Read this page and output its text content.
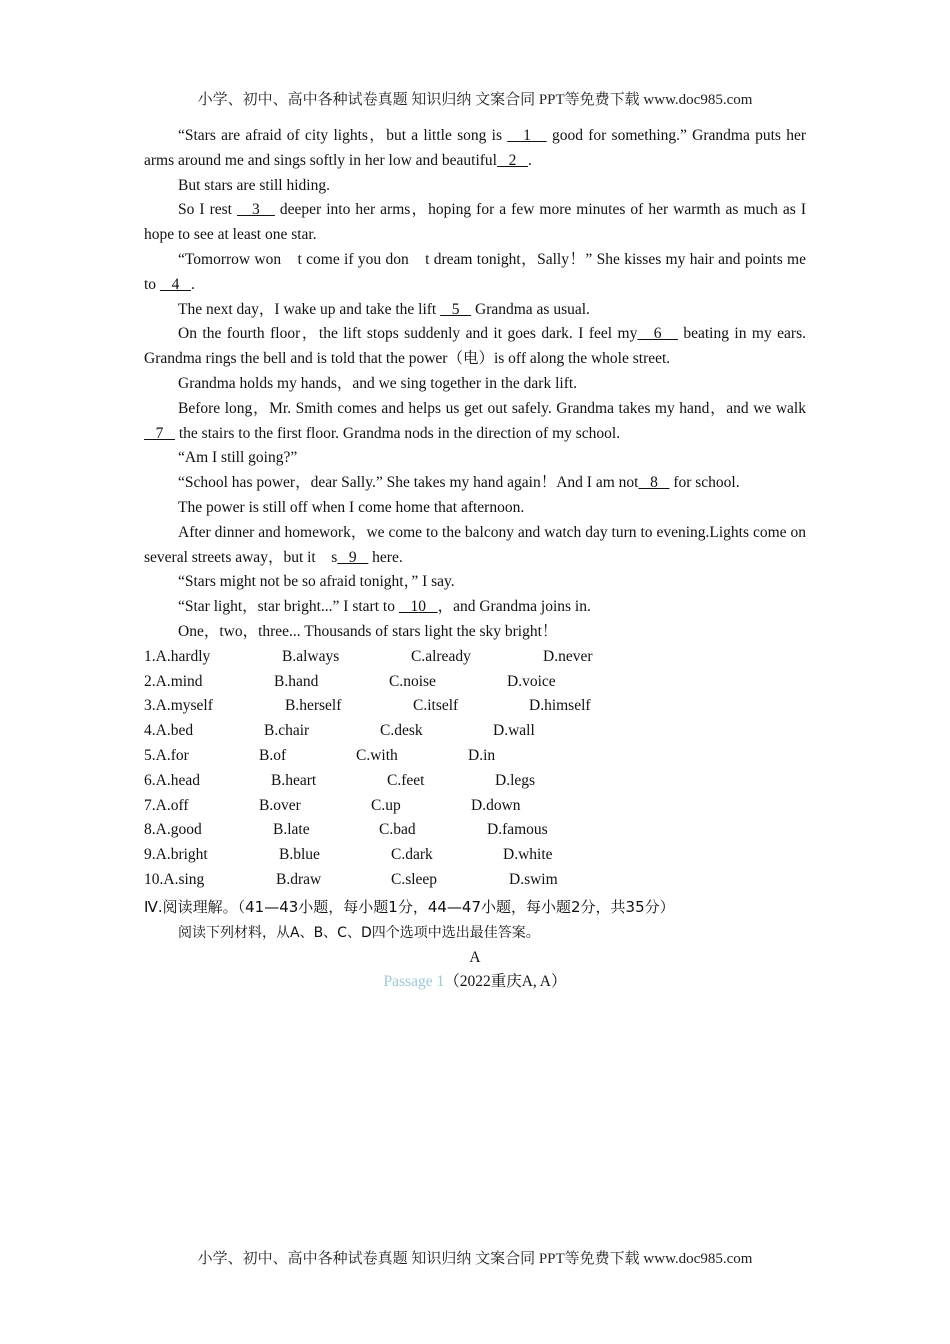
小学、初中、高中各种试卷真题 知识归纳 文案合同 PPT等免费下载 www.doc985.com

“Stars are afraid of city lights，but a little song is    1    good for something.” Grandma puts her arms around me and sings softly in her low and beautiful   2   .

But stars are still hiding.

So I rest    3    deeper into her arms，hoping for a few more minutes of her warmth as much as I hope to see at least one star.

“Tomorrow won　t come if you don　t dream tonight，Sally！” She kisses my hair and points me to    4   .

The next day，I wake up and take the lift    5    Grandma as usual.

On the fourth floor，the lift stops suddenly and it goes dark. I feel my   6    beating in my ears. Grandma rings the bell and is told that the power（电）is off along the whole street.

Grandma holds my hands，and we sing together in the dark lift.

Before long，Mr. Smith comes and helps us get out safely. Grandma takes my hand，and we walk    7    the stairs to the first floor. Grandma nods in the direction of my school.

“Am I still going?”

“School has power，dear Sally.” She takes my hand again！And I am not   8    for school.

The power is still off when I come home that afternoon.

After dinner and homework，we come to the balcony and watch day turn to evening.Lights come on several streets away，but it　s   9    here.

“Stars might not be so afraid tonight，” I say.

“Star light，star bright...” I start to    10   ，and Grandma joins in.

One，two，three... Thousands of stars light the sky bright！

1.A.hardly	B.always	C.already	D.never

2.A.mind	B.hand	C.noise	D.voice

3.A.myself	B.herself	C.itself	D.himself

4.A.bed	B.chair	C.desk	D.wall

5.A.for	B.of	C.with	D.in

6.A.head	B.heart	C.feet	D.legs

7.A.off	B.over	C.up	D.down

8.A.good	B.late	C.bad	D.famous

9.A.bright	B.blue	C.dark	D.white

10.A.sing	B.draw	C.sleep	D.swim

Ⅳ.阅读理解。（41—43小题，每小题1分，44—47小题，每小题2分，共35分）

阅读下列材料，从A、B、C、D四个选项中选出最佳答案。

A

Passage 1（2022重庆A, A）

小学、初中、高中各种试卷真题 知识归纳 文案合同 PPT等免费下载 www.doc985.com
